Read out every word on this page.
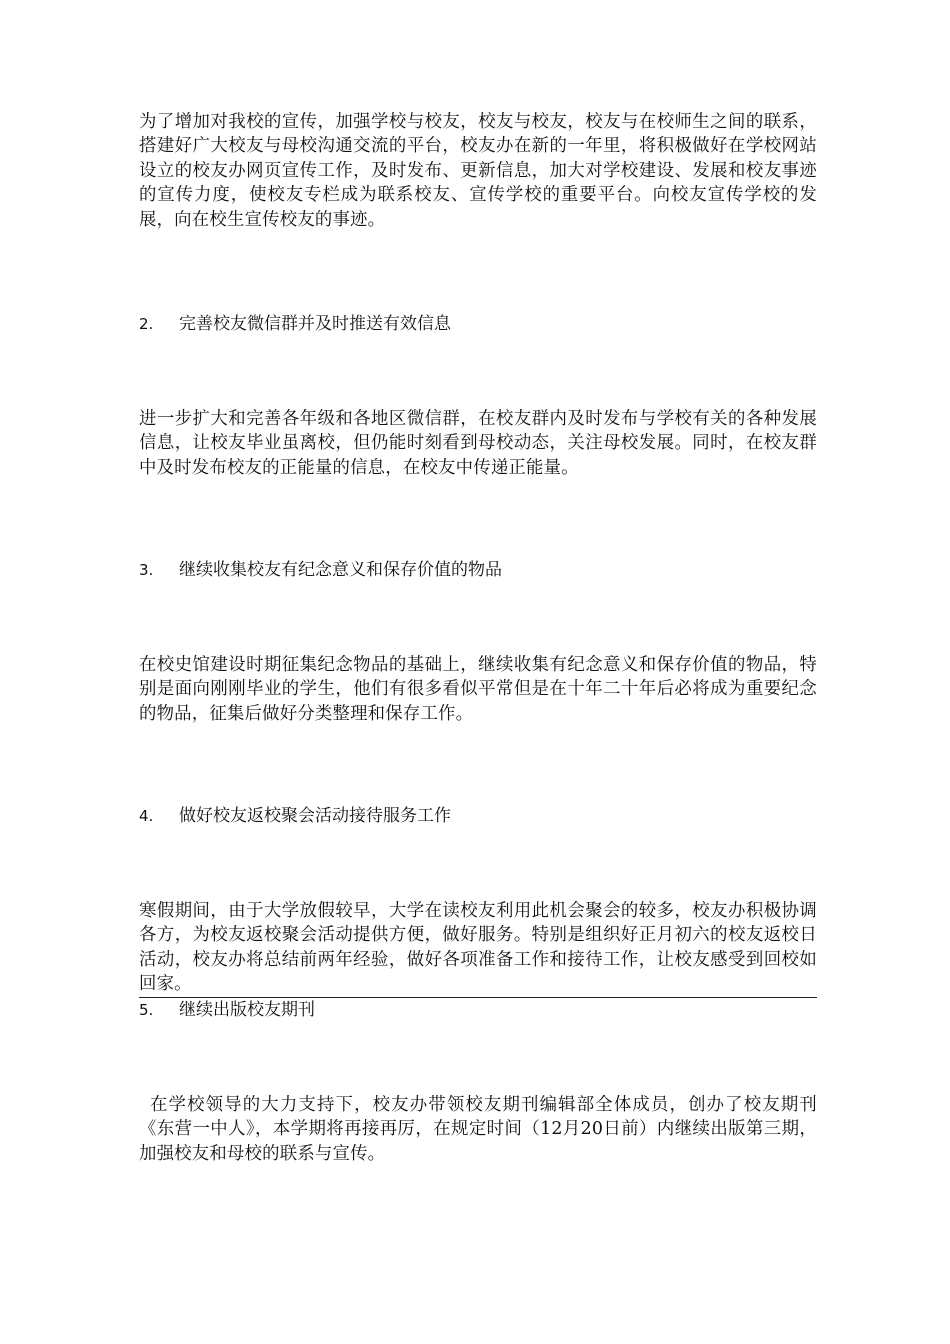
为了增加对我校的宣传，加强学校与校友，校友与校友，校友与在校师生之间的联系，搭建好广大校友与母校沟通交流的平台，校友办在新的一年里，将积极做好在学校网站设立的校友办网页宣传工作，及时发布、更新信息，加大对学校建设、发展和校友事迹的宣传力度，使校友专栏成为联系校友、宣传学校的重要平台。向校友宣传学校的发展，向在校生宣传校友的事迹。

2. 完善校友微信群并及时推送有效信息

进一步扩大和完善各年级和各地区微信群，在校友群内及时发布与学校有关的各种发展信息，让校友毕业虽离校，但仍能时刻看到母校动态，关注母校发展。同时，在校友群中及时发布校友的正能量的信息，在校友中传递正能量。

3. 继续收集校友有纪念意义和保存价值的物品

在校史馆建设时期征集纪念物品的基础上，继续收集有纪念意义和保存价值的物品，特别是面向刚刚毕业的学生，他们有很多看似平常但是在十年二十年后必将成为重要纪念的物品，征集后做好分类整理和保存工作。

4. 做好校友返校聚会活动接待服务工作

寒假期间，由于大学放假较早，大学在读校友利用此机会聚会的较多，校友办积极协调各方，为校友返校聚会活动提供方便，做好服务。特别是组织好正月初六的校友返校日活动，校友办将总结前两年经验，做好各项准备工作和接待工作，让校友感受到回校如回家。

5. 继续出版校友期刊

在学校领导的大力支持下，校友办带领校友期刊编辑部全体成员，创办了校友期刊《东营一中人》，本学期将再接再厉，在规定时间（12月20日前）内继续出版第三期，加强校友和母校的联系与宣传。
